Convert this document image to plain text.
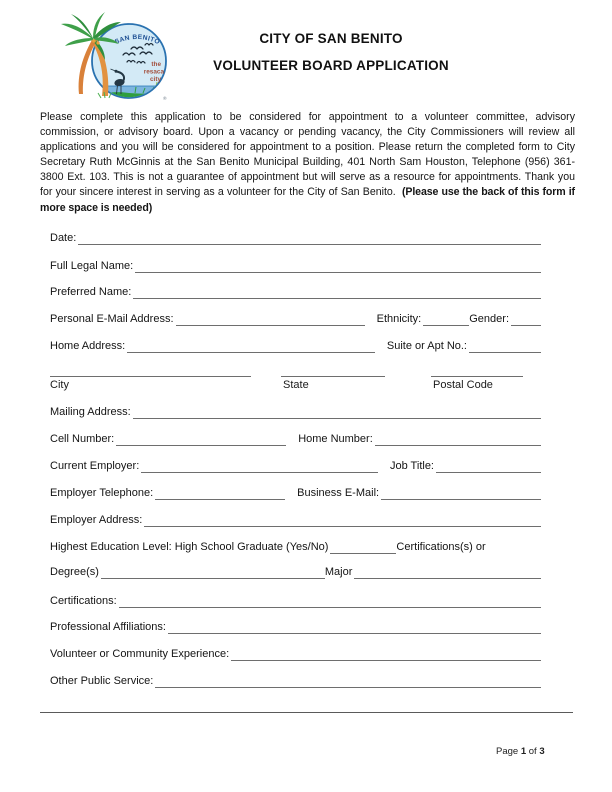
SAN BENITO
the
resaca
city
®
CITY OF SAN BENITO
VOLUNTEER BOARD APPLICATION

Please complete this application to be considered for appointment to a volunteer committee, advisory commission, or advisory board. Upon a vacancy or pending vacancy, the City Commissioners will review all applications and you will be considered for appointment to a position. Please return the completed form to City Secretary Ruth McGinnis at the San Benito Municipal Building, 401 North Sam Houston, Telephone (956) 361-3800 Ext. 103. This is not a guarantee of appointment but will serve as a resource for appointments. Thank you for your sincere interest in serving as a volunteer for the City of San Benito. (Please use the back of this form if more space is needed)

Date:
Full Legal Name:
Preferred Name:
Personal E-Mail Address:	Ethnicity:	Gender:
Home Address:	Suite or Apt No.:
City	State	Postal Code
Mailing Address:
Cell Number:	Home Number:
Current Employer:	Job Title:
Employer Telephone:	Business E-Mail:
Employer Address:
Highest Education Level: High School Graduate (Yes/No)	Certifications(s) or
Degree(s)	Major
Certifications:
Professional Affiliations:
Volunteer or Community Experience:
Other Public Service:
Page 1 of 3
